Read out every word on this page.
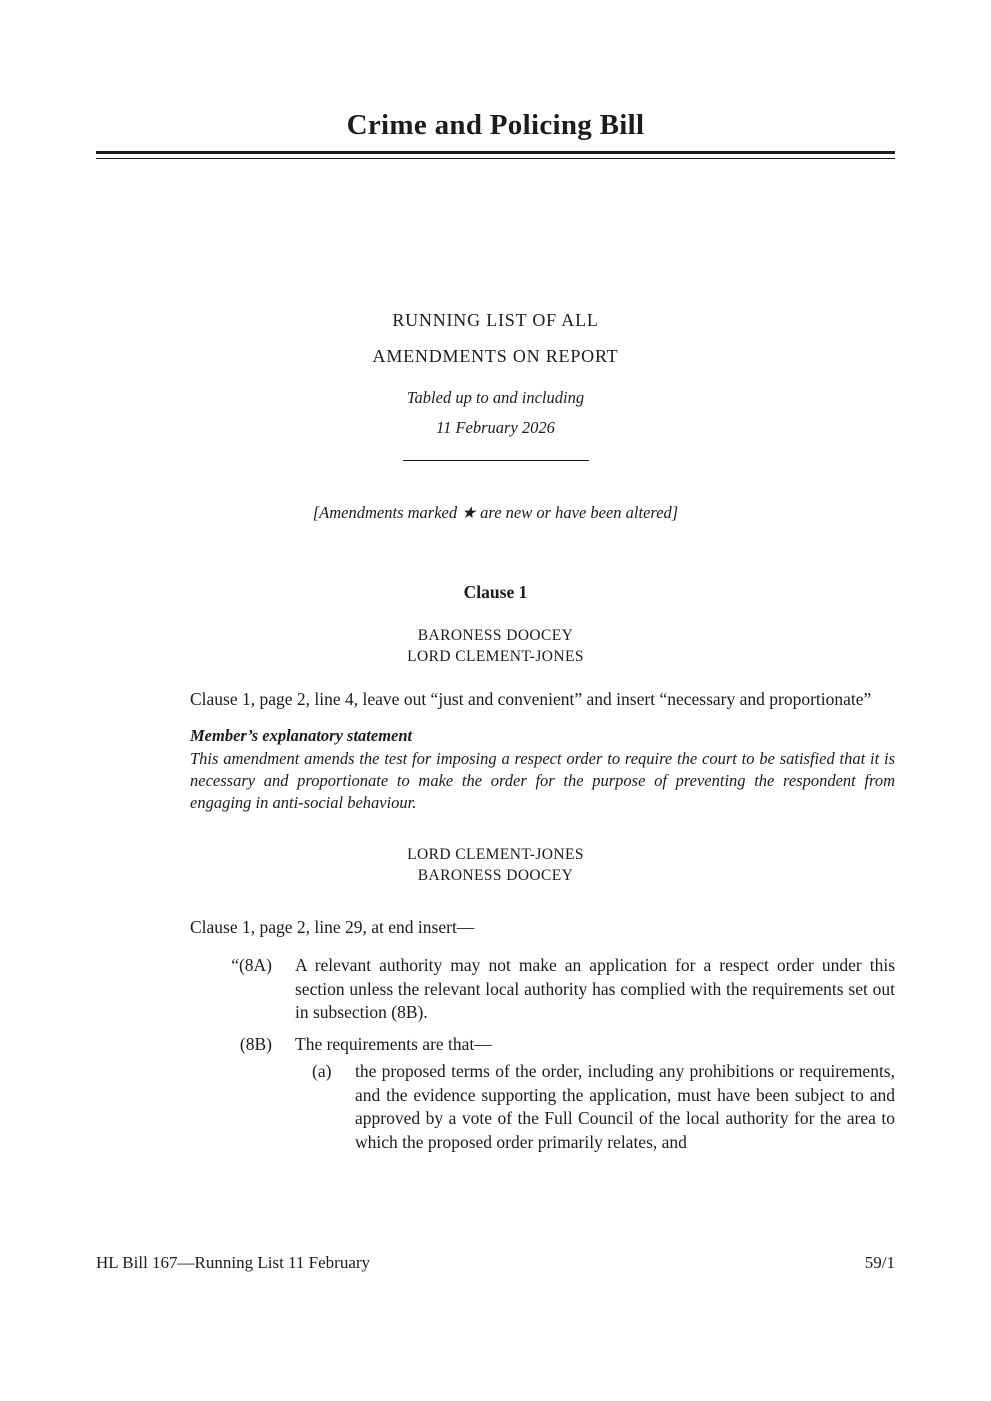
Crime and Policing Bill
RUNNING LIST OF ALL
AMENDMENTS ON REPORT
Tabled up to and including
11 February 2026
[Amendments marked ★ are new or have been altered]
Clause 1
BARONESS DOOCEY
LORD CLEMENT-JONES

Clause 1, page 2, line 4, leave out “just and convenient” and insert “necessary and proportionate”

Member’s explanatory statement

This amendment amends the test for imposing a respect order to require the court to be satisfied that it is necessary and proportionate to make the order for the purpose of preventing the respondent from engaging in anti-social behaviour.

LORD CLEMENT-JONES
BARONESS DOOCEY

Clause 1, page 2, line 29, at end insert—

“(8A) A relevant authority may not make an application for a respect order under this section unless the relevant local authority has complied with the requirements set out in subsection (8B).
(8B) The requirements are that—
(a)	the proposed terms of the order, including any prohibitions or requirements, and the evidence supporting the application, must have been subject to and approved by a vote of the Full Council of the local authority for the area to which the proposed order primarily relates, and
HL Bill 167—Running List 11 February	59/1
